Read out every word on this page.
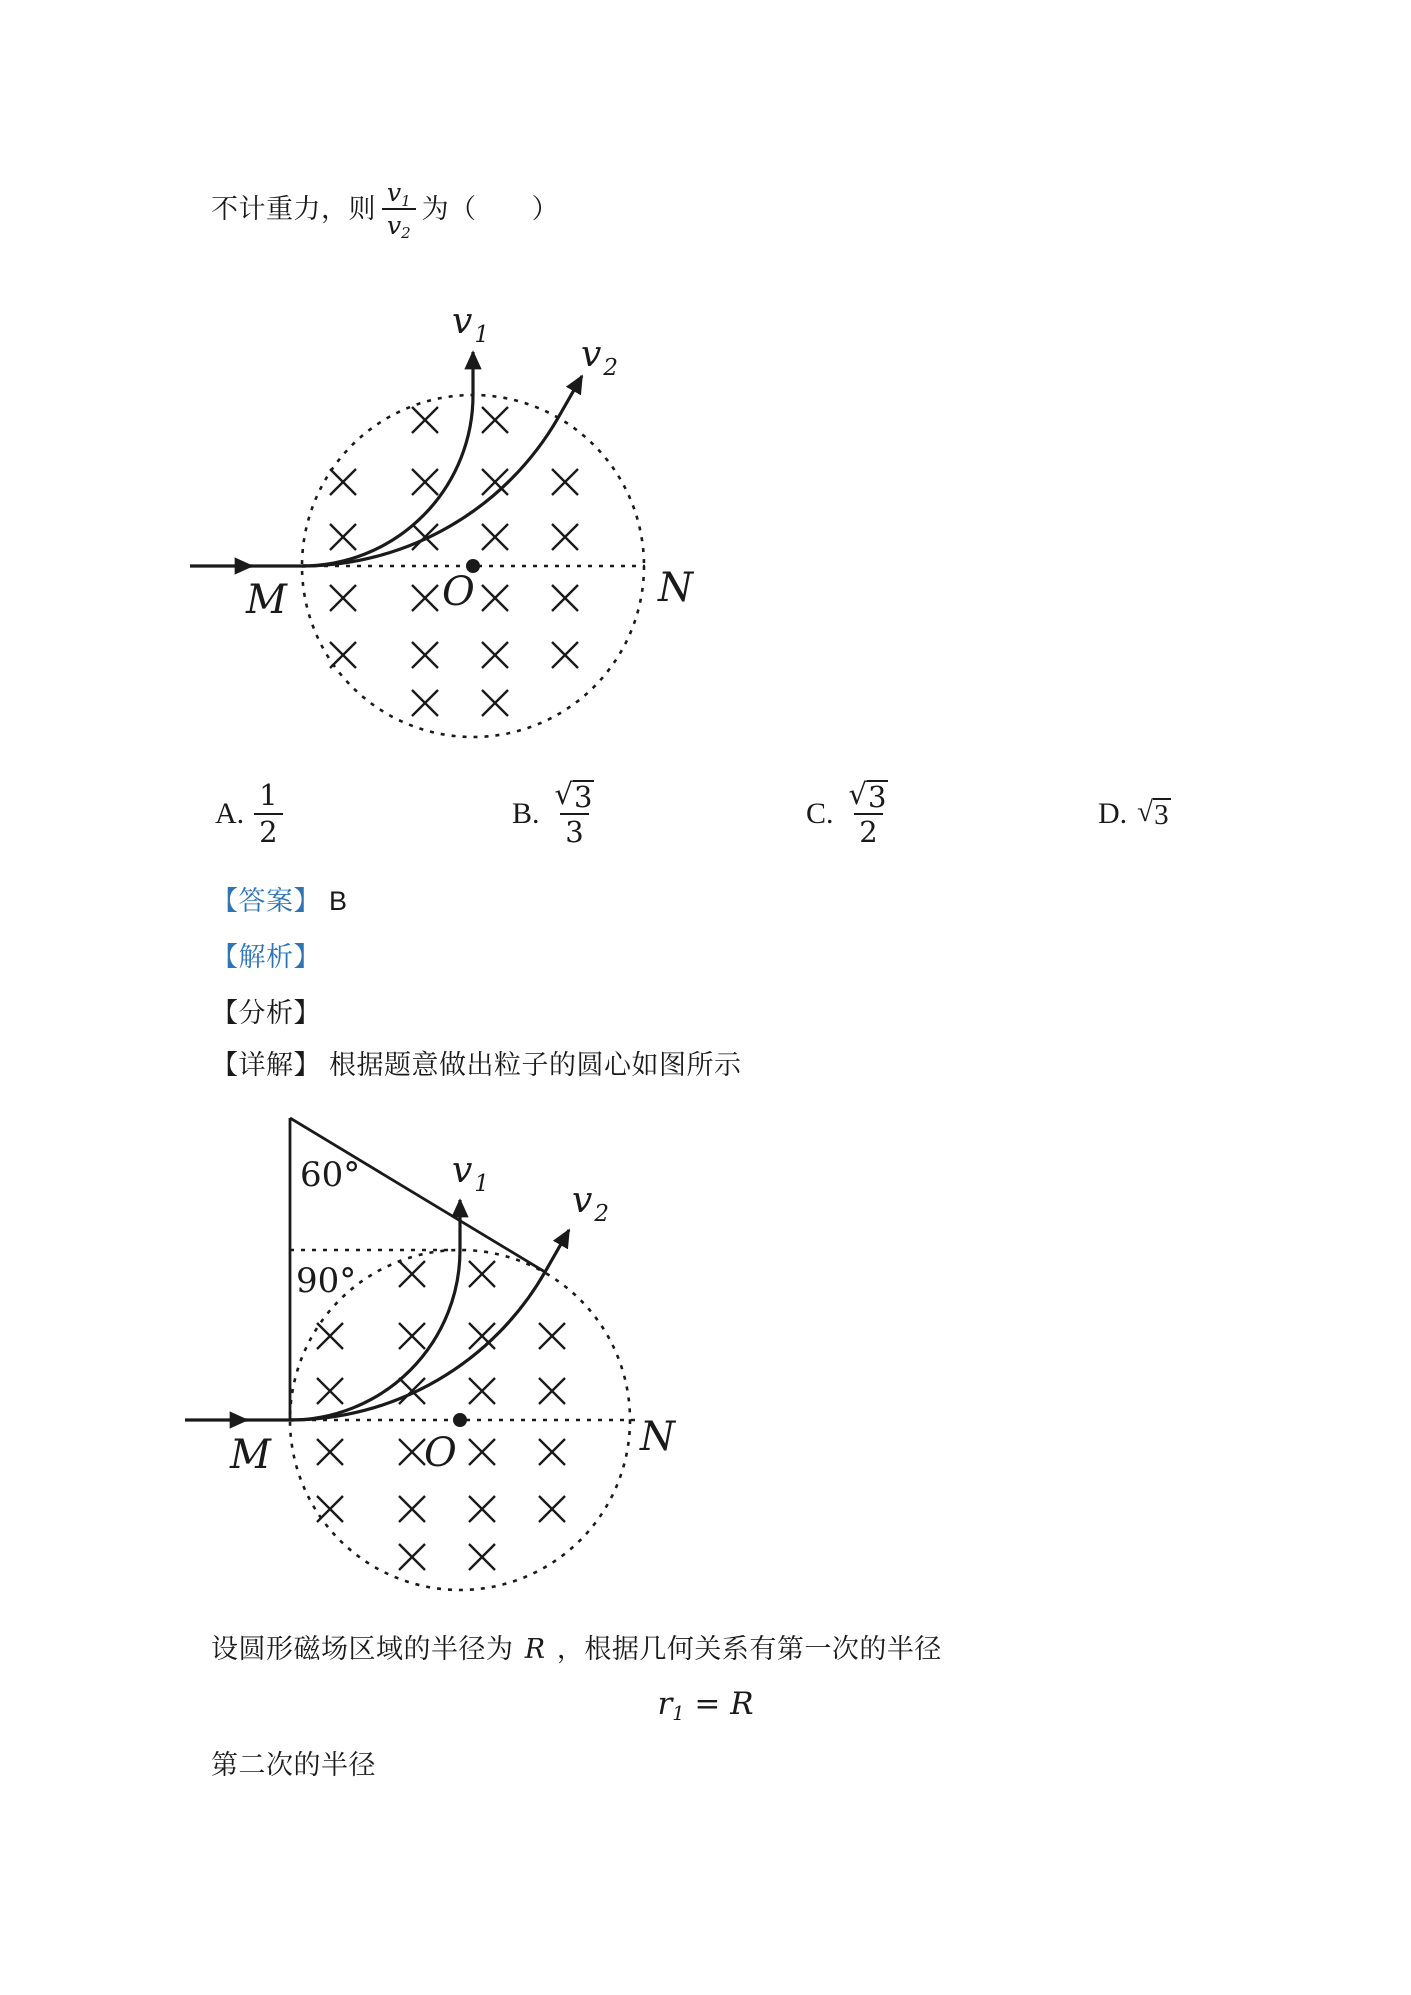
不计重力，则 $\frac{v1}{v2}$ 为（　　）
$v_1$	$v_2$
M	O	N
A. $\frac{1}{2}$	B. $\frac{√ 3}{3}$	C. $\frac{√ 3}{2}$	D. √ 3
【答案】 B
【解析】
【分析】
【详解】 根据题意做出粒子的圆心如图所示
60°
90°
$v_1$ $v_2$
M	O	N
设圆形磁场区域的半径为 R ，根据几何关系有第一次的半径
r1 = R
第二次的半径
